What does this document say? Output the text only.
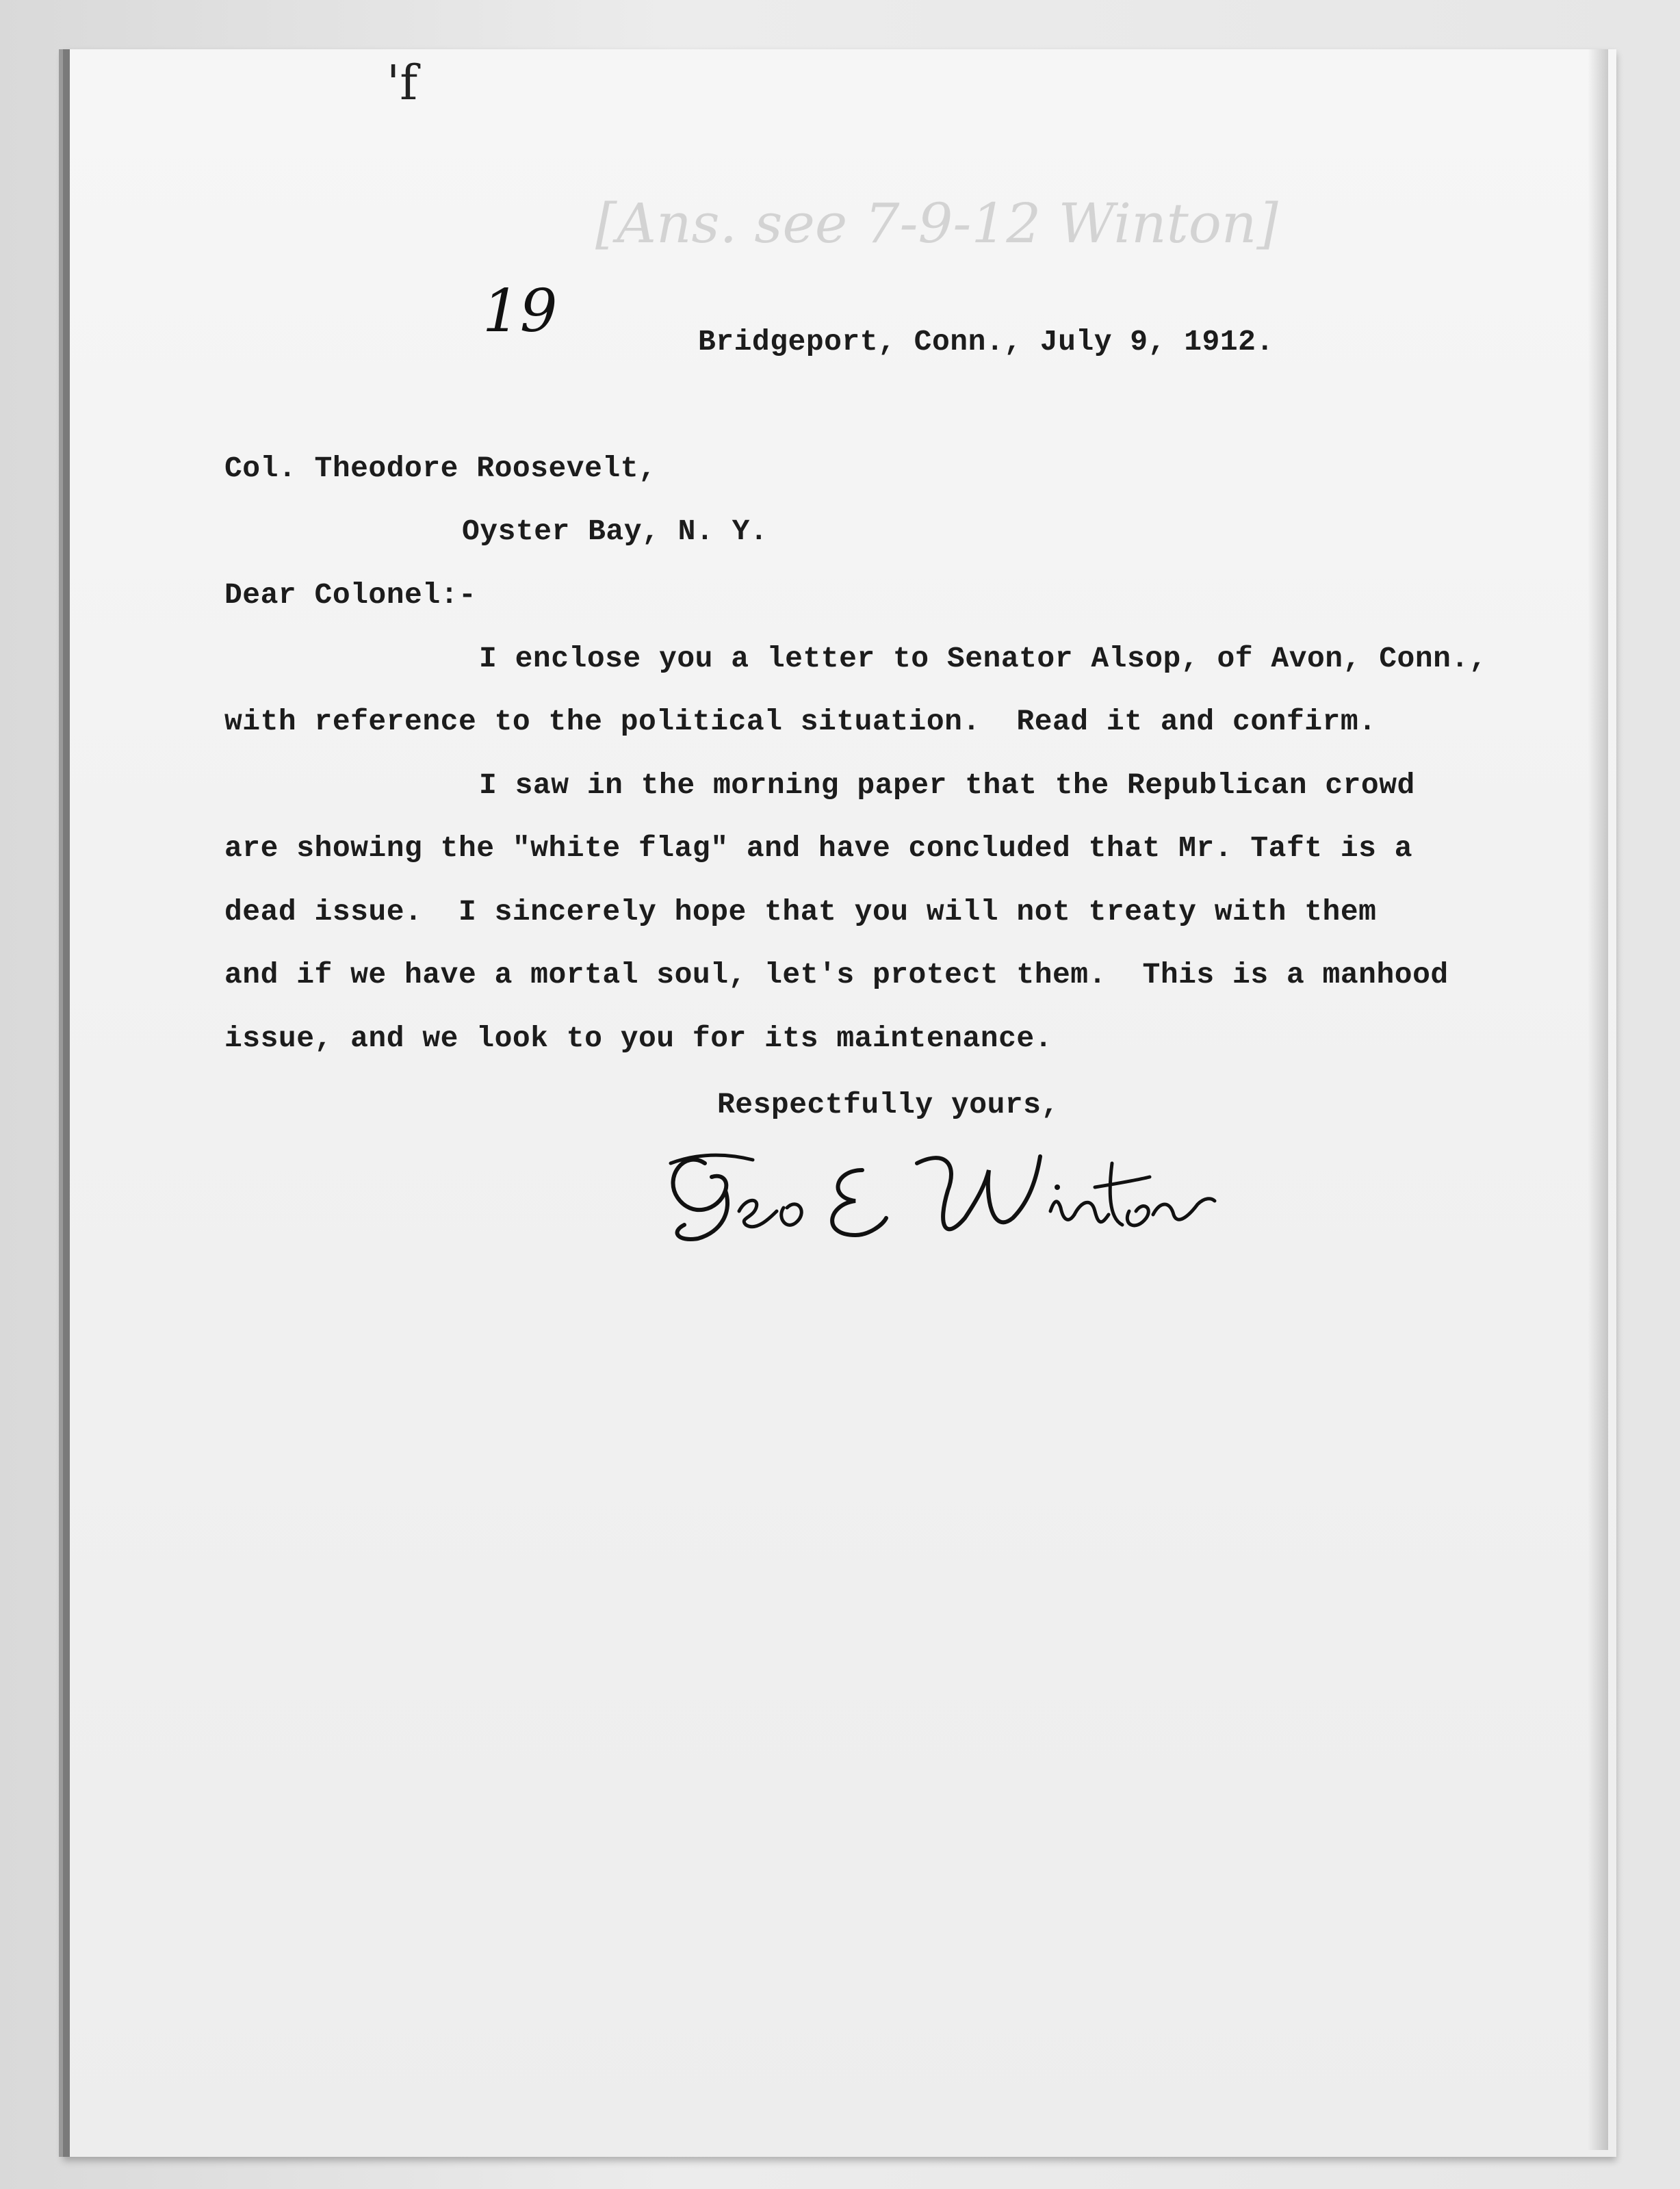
'f
[Ans. see 7-9-12 Winton]
19	Bridgeport, Conn., July 9, 1912.
Col. Theodore Roosevelt,
Oyster Bay, N. Y.
Dear Colonel:-
I enclose you a letter to Senator Alsop, of Avon, Conn.,
with reference to the political situation.  Read it and confirm.
I saw in the morning paper that the Republican crowd
are showing the "white flag" and have concluded that Mr. Taft is a
dead issue.  I sincerely hope that you will not treaty with them
and if we have a mortal soul, let's protect them.  This is a manhood
issue, and we look to you for its maintenance.
Respectfully yours,
